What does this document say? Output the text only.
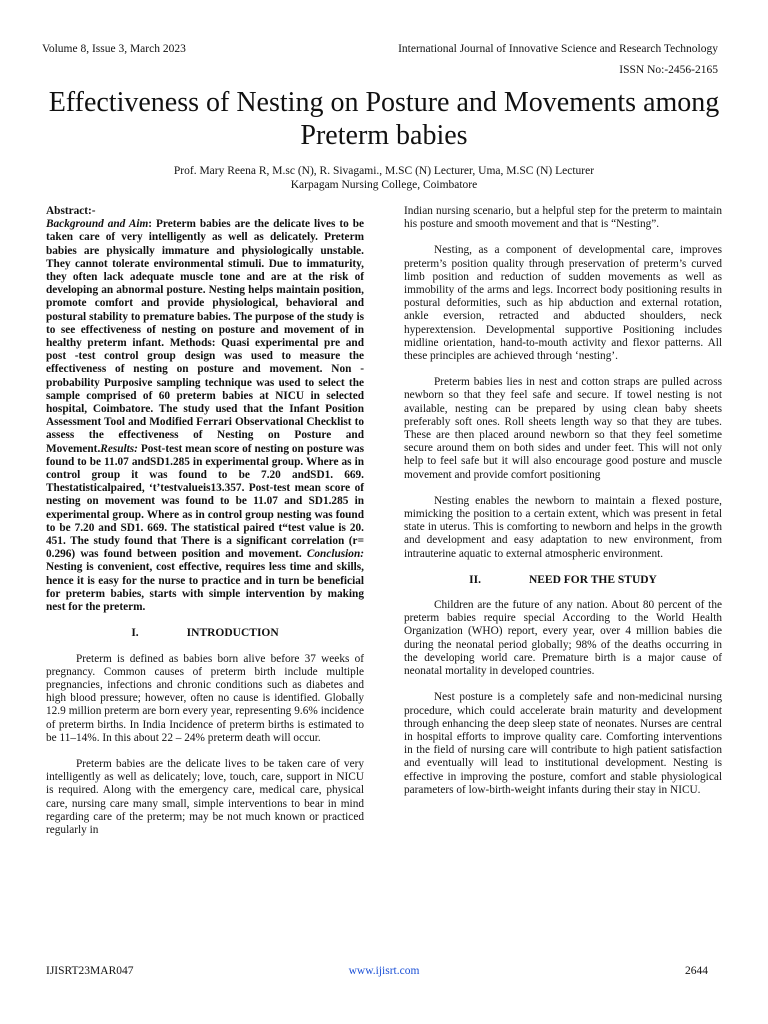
Volume 8, Issue 3, March 2023	International Journal of Innovative Science and Research Technology
ISSN No:-2456-2165
Effectiveness of Nesting on Posture and Movements among Preterm babies
Prof. Mary Reena R, M.sc (N), R. Sivagami., M.SC (N) Lecturer, Uma, M.SC (N) Lecturer
Karpagam Nursing College, Coimbatore
Abstract:-
Background and Aim: Preterm babies are the delicate lives to be taken care of very intelligently as well as delicately. Preterm babies are physically immature and physiologically unstable. They cannot tolerate environmental stimuli. Due to immaturity, they often lack adequate muscle tone and are at the risk of developing an abnormal posture. Nesting helps maintain position, promote comfort and provide physiological, behavioral and postural stability to premature babies. The purpose of the study is to see effectiveness of nesting on posture and movement of in healthy preterm infant. Methods: Quasi experimental pre and post -test control group design was used to measure the effectiveness of nesting on posture and movement. Non - probability Purposive sampling technique was used to select the sample comprised of 60 preterm babies at NICU in selected hospital, Coimbatore. The study used that the Infant Position Assessment Tool and Modified Ferrari Observational Checklist to assess the effectiveness of Nesting on Posture and Movement.Results: Post-test mean score of nesting on posture was found to be 11.07 andSD1.285 in experimental group. Where as in control group it was found to be 7.20 andSD1. 669. Thestatisticalpaired, ‘t’testvalueis13.357. Post-test mean score of nesting on movement was found to be 11.07 and SD1.285 in experimental group. Where as in control group nesting was found to be 7.20 and SD1. 669. The statistical paired t“test value is 20. 451. The study found that There is a significant correlation (r= 0.296) was found between position and movement. Conclusion: Nesting is convenient, cost effective, requires less time and skills, hence it is easy for the nurse to practice and in turn be beneficial for preterm babies, starts with simple intervention by making nest for the preterm.
I.	INTRODUCTION

Preterm is defined as babies born alive before 37 weeks of pregnancy. Common causes of preterm birth include multiple pregnancies, infections and chronic conditions such as diabetes and high blood pressure; however, often no cause is identified. Globally 12.9 million preterm are born every year, representing 9.6% incidence of preterm births. In India Incidence of preterm births is estimated to be 11–14%. In this about 22 – 24% preterm death will occur.

Preterm babies are the delicate lives to be taken care of very intelligently as well as delicately; love, touch, care, support in NICU is required. Along with the emergency care, medical care, physical care, nursing care many small, simple interventions to bear in mind regarding care of the preterm; may be not much known or practiced regularly in

Indian nursing scenario, but a helpful step for the preterm to maintain his posture and smooth movement and that is “Nesting”.

Nesting, as a component of developmental care, improves preterm’s position quality through preservation of preterm’s curved limb position and reduction of sudden movements as well as immobility of the arms and legs. Incorrect body positioning results in postural deformities, such as hip abduction and external rotation, ankle eversion, retracted and abducted shoulders, neck hyperextension. Developmental supportive Positioning includes midline orientation, hand-to-mouth activity and flexor patterns. All these principles are achieved through ‘nesting’.

Preterm babies lies in nest and cotton straps are pulled across newborn so that they feel safe and secure. If towel nesting is not available, nesting can be prepared by using clean baby sheets preferably soft ones. Roll sheets length way so that they are tubes. These are then placed around newborn so that they feel sometime secure around them on both sides and under feet. This will not only help to feel safe but it will also encourage good posture and muscle movement and provide comfort positioning

Nesting enables the newborn to maintain a flexed posture, mimicking the position to a certain extent, which was present in fetal state in uterus. This is comforting to newborn and helps in the growth and development and easy adaptation to new environment, from intrauterine aquatic to external atmospheric environment.

II.	NEED FOR THE STUDY

Children are the future of any nation. About 80 percent of the preterm babies require special According to the World Health Organization (WHO) report, every year, over 4 million babies die during the neonatal period globally; 98% of the deaths occurring in the developing world care. Premature birth is a major cause of neonatal mortality in developed countries.

Nest posture is a completely safe and non-medicinal nursing procedure, which could accelerate brain maturity and development through enhancing the deep sleep state of neonates. Nurses are central in hospital efforts to improve quality care. Comforting interventions in the field of nursing care will contribute to high patient satisfaction and eventually will lead to institutional development. Nesting is effective in improving the posture, comfort and stable physiological parameters of low-birth-weight infants during their stay in NICU.

IJISRT23MAR047	www.ijisrt.com	2644
